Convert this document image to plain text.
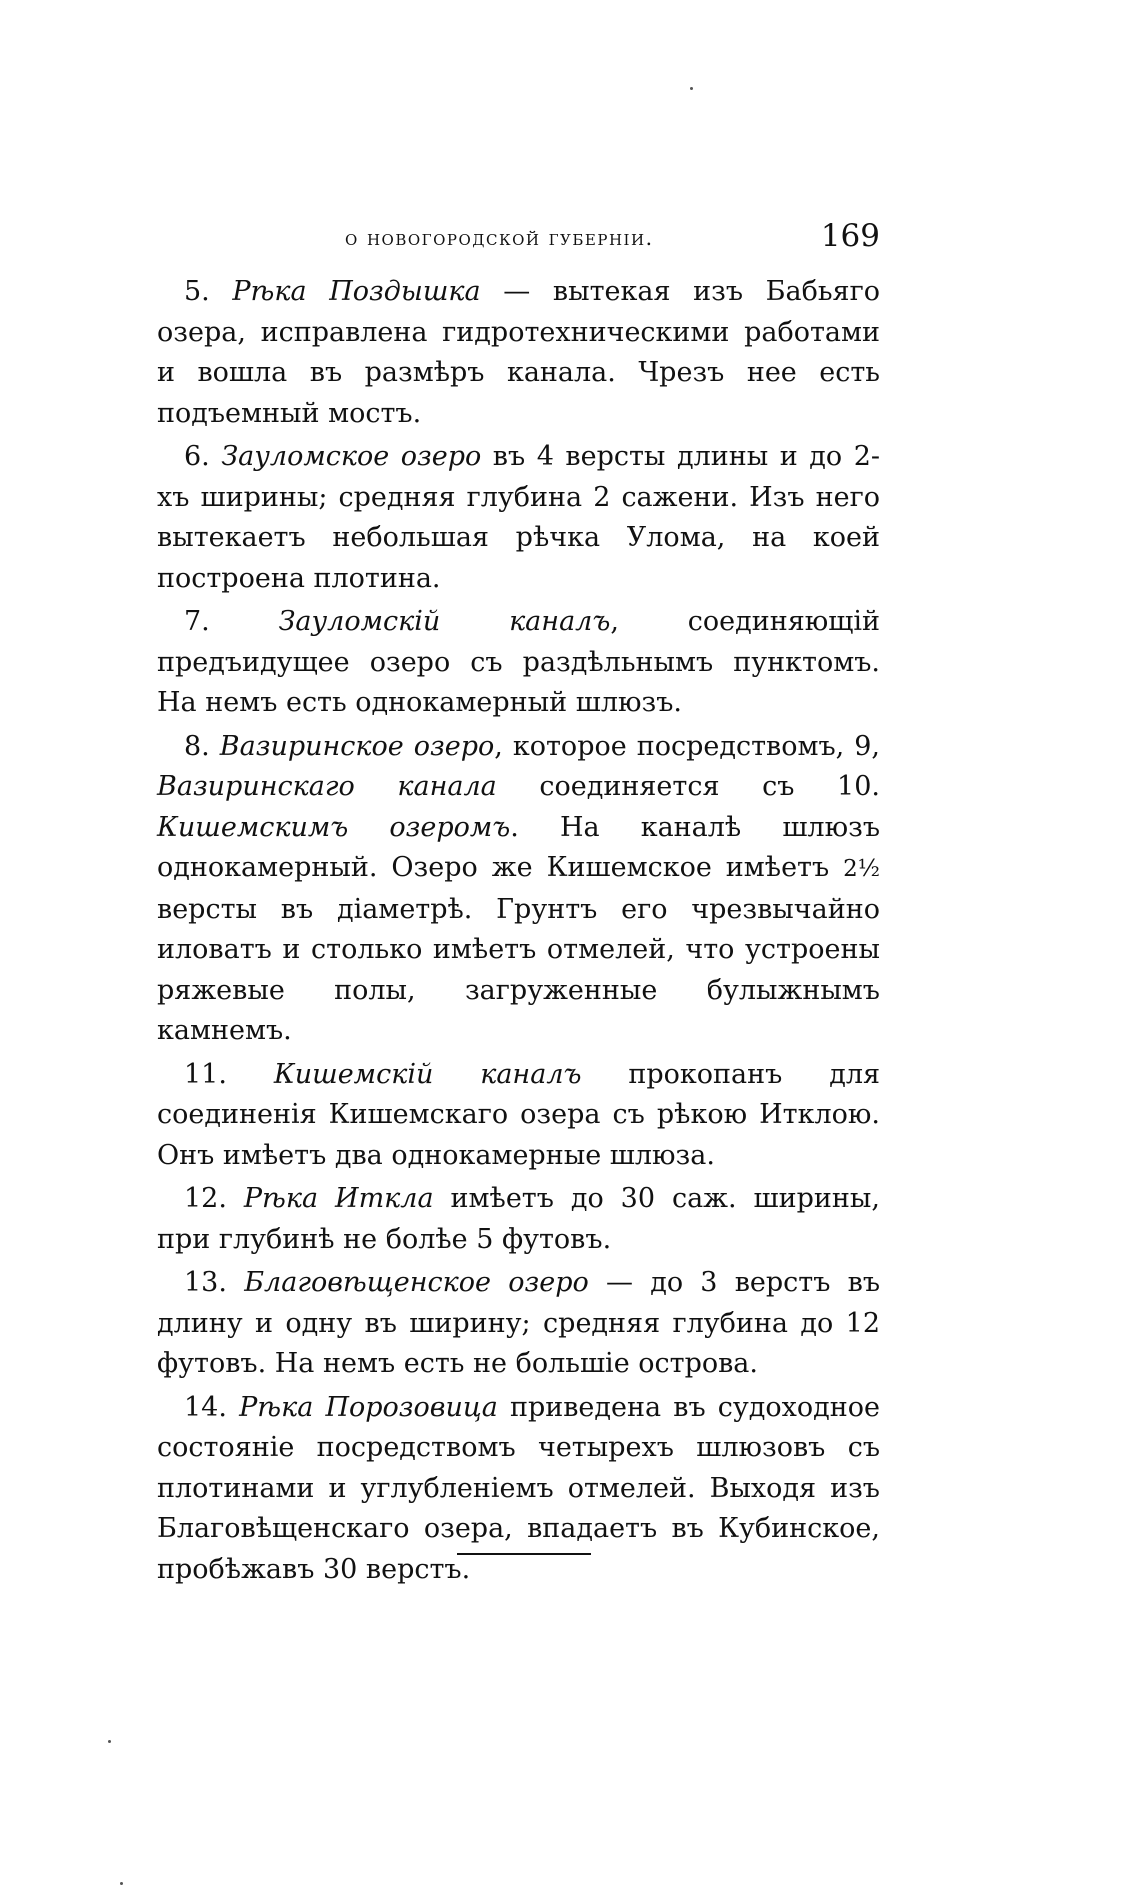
о новогородской губерніи.	169

5. Рѣка Поздышка — вытекая изъ Бабьяго озера, исправлена гидротехническими работами и вошла въ размѣръ канала. Чрезъ нее есть подъемный мостъ.

6. Зауломское озеро въ 4 версты длины и до 2-хъ ширины; средняя глубина 2 сажени. Изъ него вытекаетъ небольшая рѣчка Улома, на коей построена плотина.

7.	Зауломскій каналъ, соединяющій предъидущее озеро съ раздѣльнымъ пунктомъ. На немъ есть однокамерный шлюзъ.

8. Вазиринское озеро, которое посредствомъ, 9, Вазиринскаго канала соединяется съ 10. Кишемскимъ озеромъ. На каналѣ шлюзъ однокамерный. Озеро же Кишемское имѣетъ 2½ версты въ діаметрѣ. Грунтъ его чрезвычайно иловатъ и столько имѣетъ отмелей, что устроены ряжевые полы, загруженные булыжнымъ камнемъ.

11. Кишемскій каналъ прокопанъ для соединенія Кишемскаго озера съ рѣкою Итклою. Онъ имѣетъ два однокамерные шлюза.

12. Рѣка Иткла имѣетъ до 30 саж. ширины, при глубинѣ не болѣе 5 футовъ.

13. Благовѣщенское озеро — до 3 верстъ въ длину и одну въ ширину; средняя глубина до 12 футовъ. На немъ есть не большіе острова.

14. Рѣка Порозовица приведена въ судоходное состояніе посредствомъ четырехъ шлюзовъ съ плотинами и углубленіемъ отмелей. Выходя изъ Благовѣщенскаго озера, впадаетъ въ Кубинское, пробѣжавъ 30 верстъ.
